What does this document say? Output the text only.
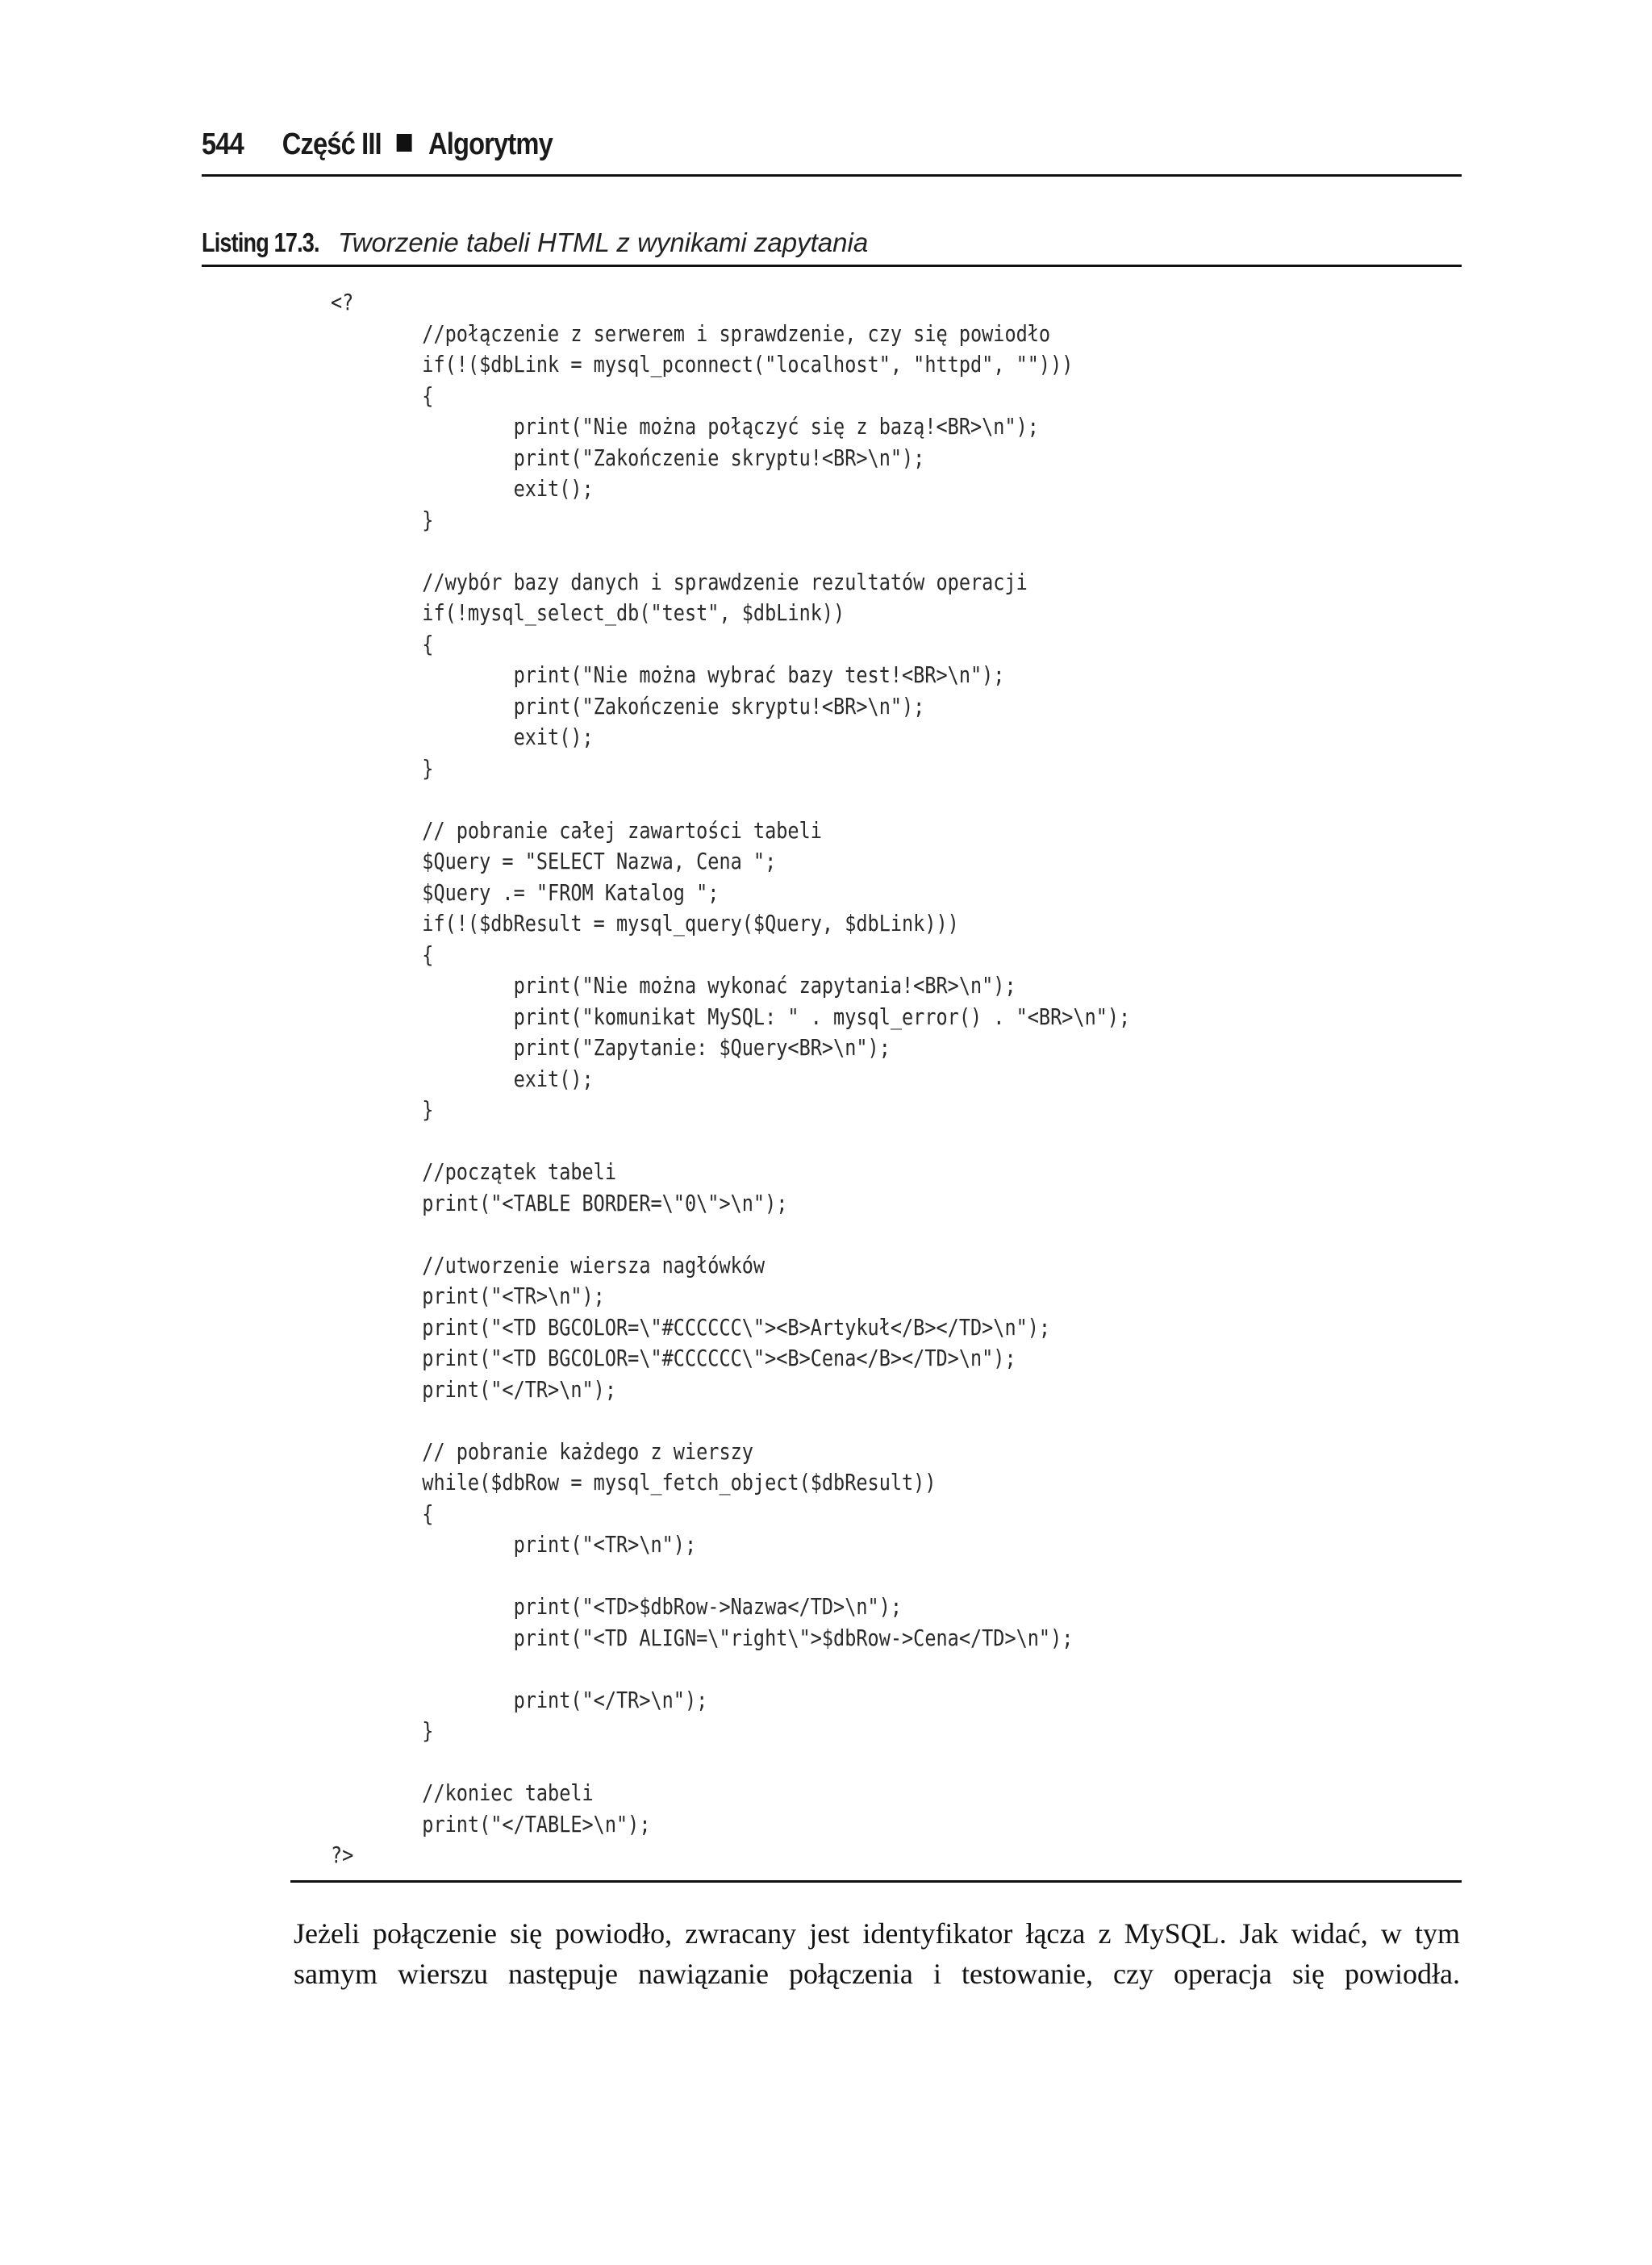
544 Część III Algorytmy
Listing 17.3. Tworzenie tabeli HTML z wynikami zapytania
<?
//połączenie z serwerem i sprawdzenie, czy się powiodło
if(!($dbLink = mysql_pconnect("localhost", "httpd", "")))
{
print("Nie można połączyć się z bazą!<BR>\n");
print("Zakończenie skryptu!<BR>\n");
exit();
}
//wybór bazy danych i sprawdzenie rezultatów operacji
if(!mysql_select_db("test", $dbLink))
{
print("Nie można wybrać bazy test!<BR>\n");
print("Zakończenie skryptu!<BR>\n");
exit();
}
// pobranie całej zawartości tabeli
$Query = "SELECT Nazwa, Cena ";
$Query .= "FROM Katalog ";
if(!($dbResult = mysql_query($Query, $dbLink)))
{
print("Nie można wykonać zapytania!<BR>\n");
print("komunikat MySQL: " . mysql_error() . "<BR>\n");
print("Zapytanie: $Query<BR>\n");
exit();
}
//początek tabeli
print("<TABLE BORDER=\"0\">\n");
//utworzenie wiersza nagłówków
print("<TR>\n");
print("<TD BGCOLOR=\"#CCCCCC\"><B>Artykuł</B></TD>\n");
print("<TD BGCOLOR=\"#CCCCCC\"><B>Cena</B></TD>\n");
print("</TR>\n");
// pobranie każdego z wierszy
while($dbRow = mysql_fetch_object($dbResult))
{
print("<TR>\n");
print("<TD>$dbRow->Nazwa</TD>\n");
print("<TD ALIGN=\"right\">$dbRow->Cena</TD>\n");
print("</TR>\n");
}
//koniec tabeli
print("</TABLE>\n");
?>
Jeżeli połączenie się powiodło, zwracany jest identyfikator łącza z MySQL. Jak widać, w tym samym wierszu następuje nawiązanie połączenia i testowanie, czy operacja się powiodła.
